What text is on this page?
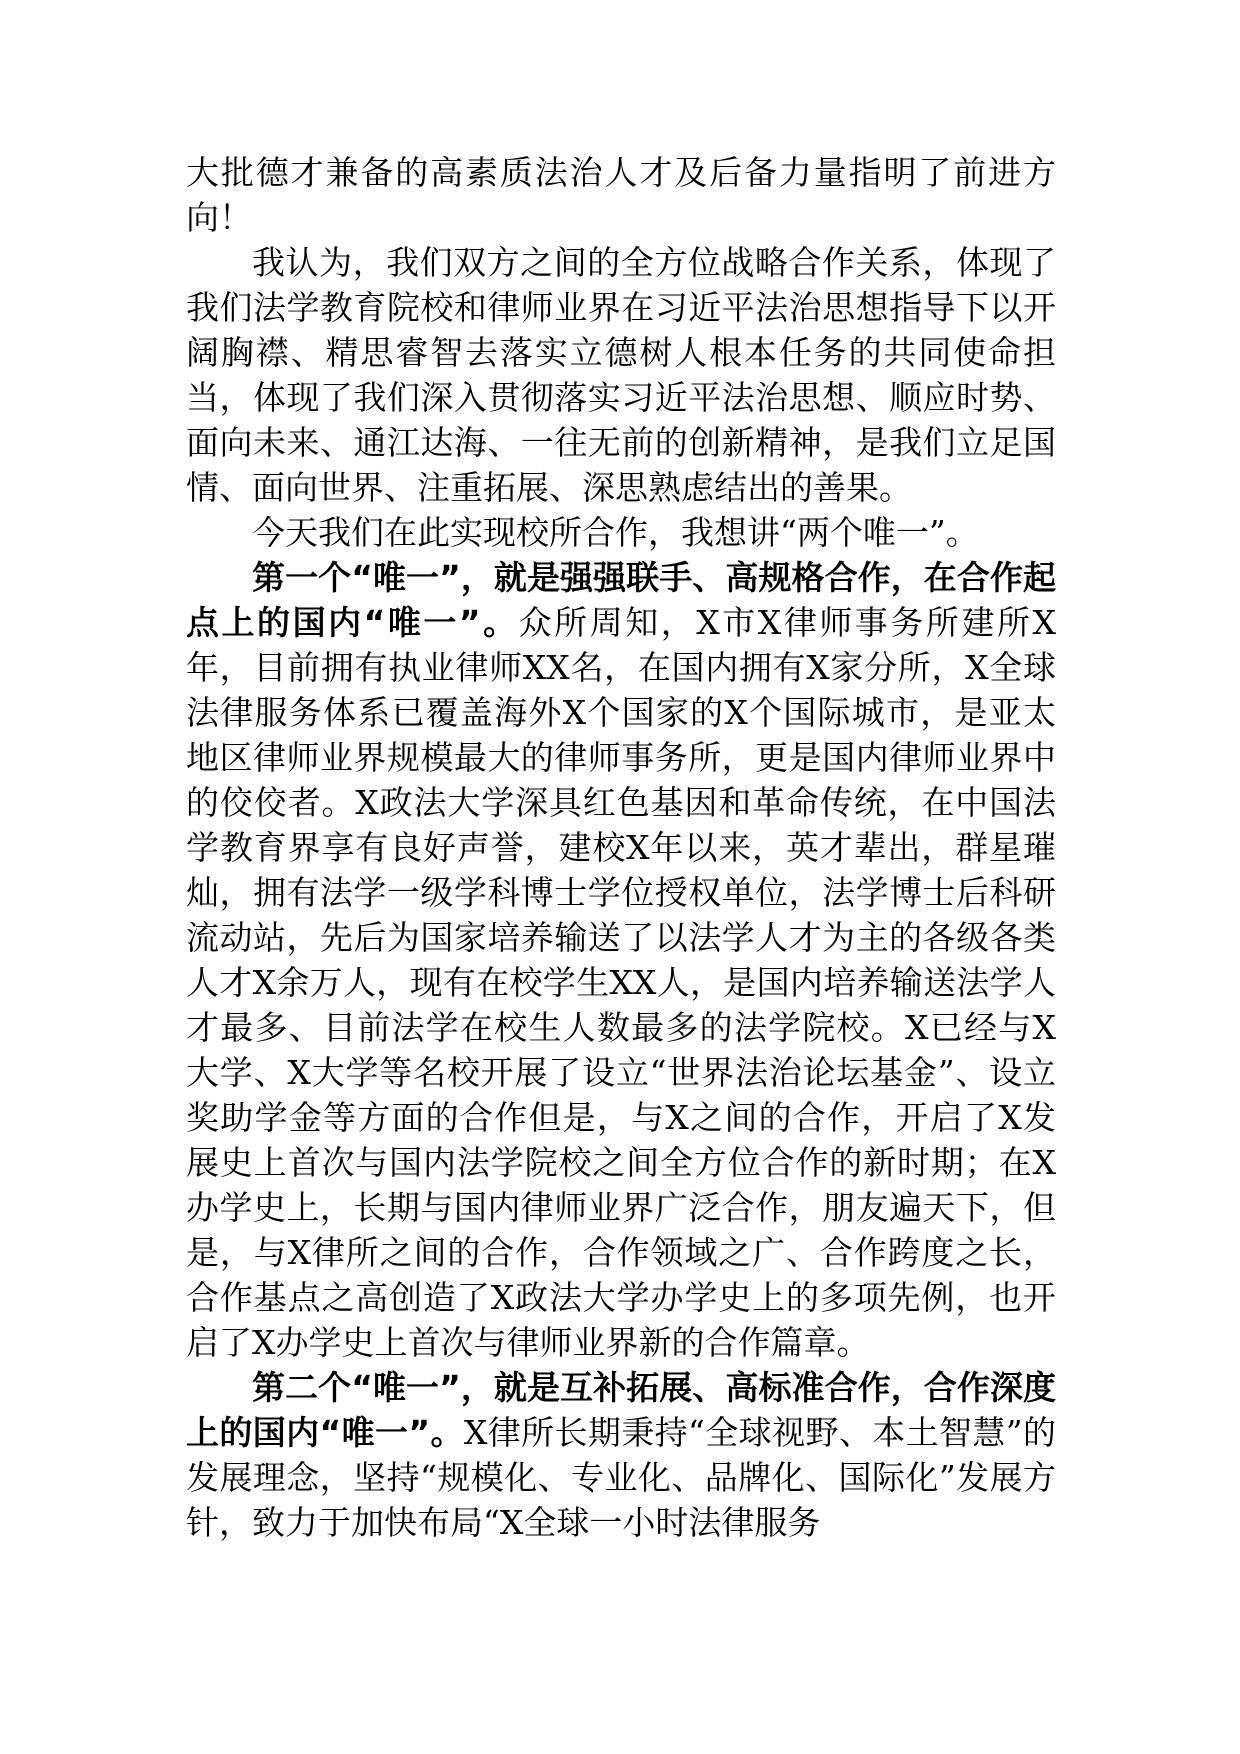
大批德才兼备的高素质法治人才及后备力量指明了前进方向！

我认为，我们双方之间的全方位战略合作关系，体现了我们法学教育院校和律师业界在习近平法治思想指导下以开阔胸襟、精思睿智去落实立德树人根本任务的共同使命担当，体现了我们深入贯彻落实习近平法治思想、顺应时势、面向未来、通江达海、一往无前的创新精神，是我们立足国情、面向世界、注重拓展、深思熟虑结出的善果。

今天我们在此实现校所合作，我想讲“两个唯一”。

第一个“唯一”，就是强强联手、高规格合作，在合作起点上的国内“唯一”。众所周知，X市X律师事务所建所X年，目前拥有执业律师XX名，在国内拥有X家分所，X全球法律服务体系已覆盖海外X个国家的X个国际城市，是亚太地区律师业界规模最大的律师事务所，更是国内律师业界中的佼佼者。X政法大学深具红色基因和革命传统，在中国法学教育界享有良好声誉，建校X年以来，英才辈出，群星璀灿，拥有法学一级学科博士学位授权单位，法学博士后科研流动站，先后为国家培养输送了以法学人才为主的各级各类人才X余万人，现有在校学生XX人，是国内培养输送法学人才最多、目前法学在校生人数最多的法学院校。X已经与X大学、X大学等名校开展了设立“世界法治论坛基金”、设立奖助学金等方面的合作但是，与X之间的合作，开启了X发展史上首次与国内法学院校之间全方位合作的新时期；在X办学史上，长期与国内律师业界广泛合作，朋友遍天下，但是，与X律所之间的合作，合作领域之广、合作跨度之长，合作基点之高创造了X政法大学办学史上的多项先例，也开启了X办学史上首次与律师业界新的合作篇章。

第二个“唯一”，就是互补拓展、高标准合作，合作深度上的国内“唯一”。X律所长期秉持“全球视野、本土智慧”的发展理念，坚持“规模化、专业化、品牌化、国际化”发展方针，致力于加快布局“X全球一小时法律服务
